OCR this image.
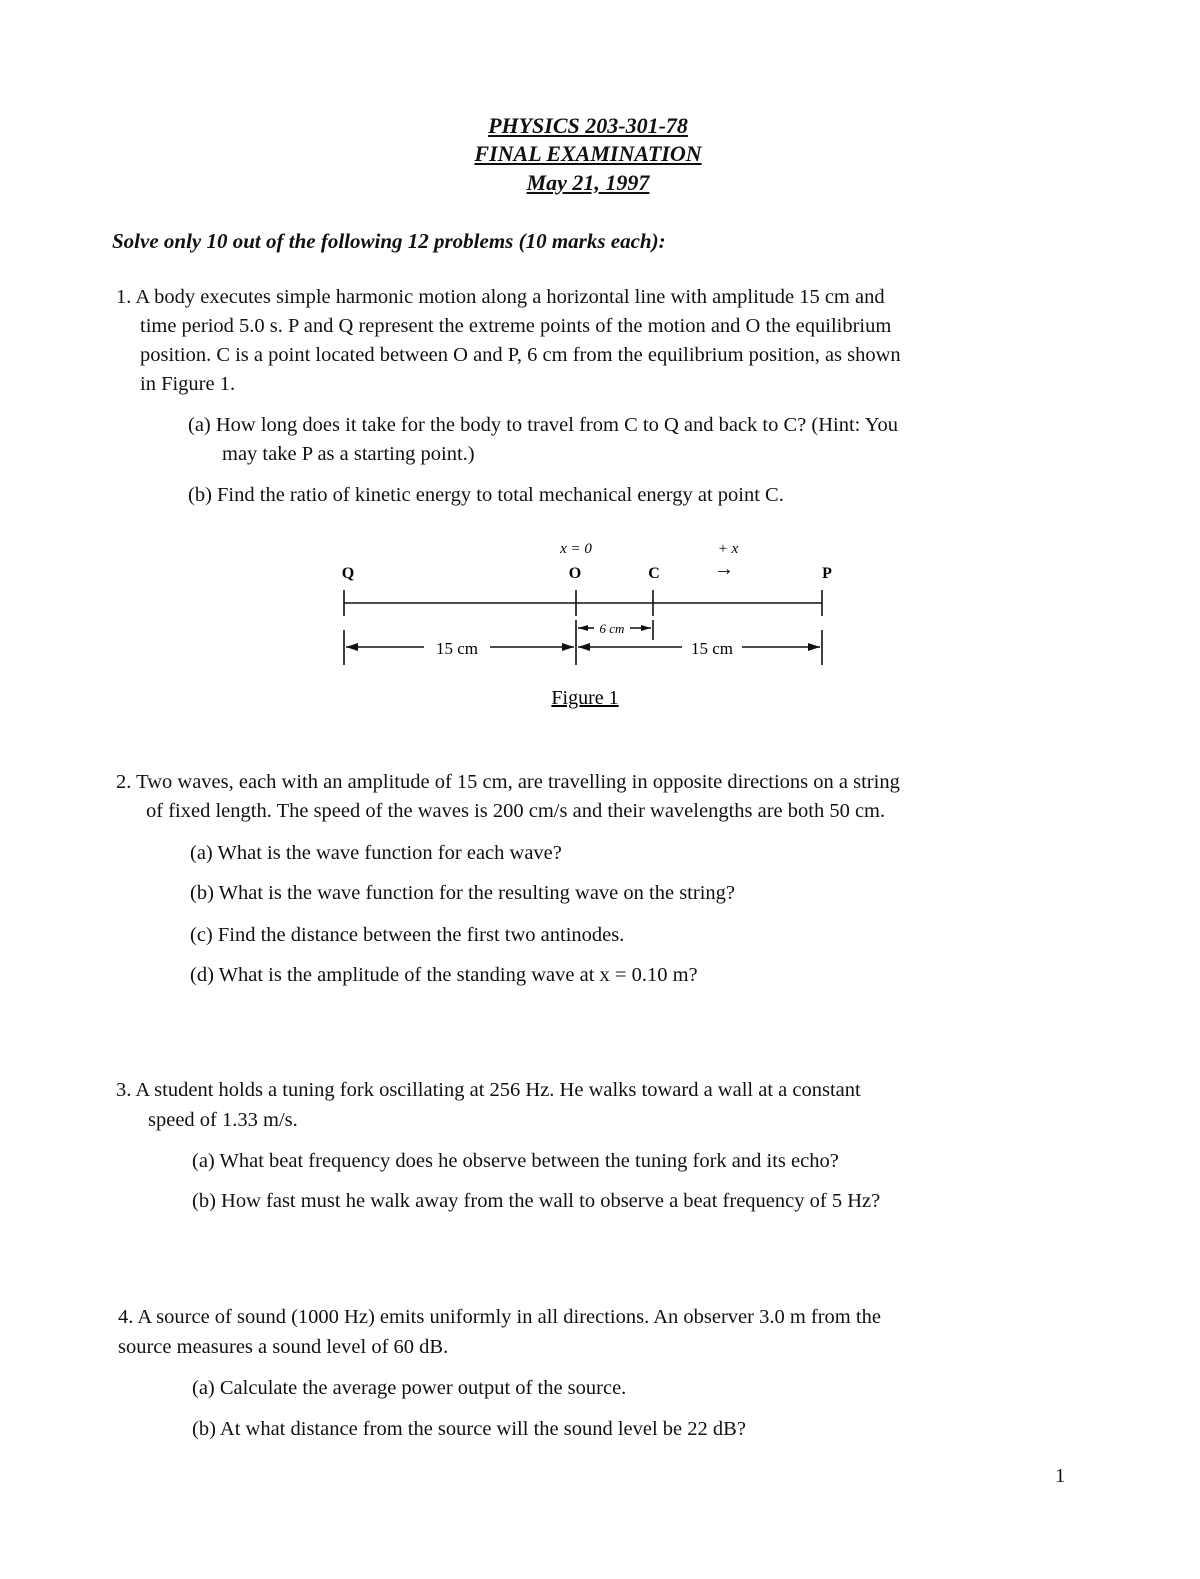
PHYSICS 203-301-78
FINAL EXAMINATION
May 21, 1997
Solve only 10 out of the following 12 problems (10 marks each):
1. A body executes simple harmonic motion along a horizontal line with amplitude 15 cm and
time period 5.0 s. P and Q represent the extreme points of the motion and O the equilibrium
position. C is a point located between O and P, 6 cm from the equilibrium position, as shown
in Figure 1.
(a) How long does it take for the body to travel from C to Q and back to C? (Hint: You
may take P as a starting point.)
(b) Find the ratio of kinetic energy to total mechanical energy at point C.
x = 0	+ x
→
Q	O	C	P
15 cm
6 cm
15 cm
Figure 1
2. Two waves, each with an amplitude of 15 cm, are travelling in opposite directions on a string
of fixed length. The speed of the waves is 200 cm/s and their wavelengths are both 50 cm.
(a) What is the wave function for each wave?
(b) What is the wave function for the resulting wave on the string?
(c) Find the distance between the first two antinodes.
(d) What is the amplitude of the standing wave at x = 0.10 m?
3. A student holds a tuning fork oscillating at 256 Hz. He walks toward a wall at a constant
speed of 1.33 m/s.
(a) What beat frequency does he observe between the tuning fork and its echo?
(b) How fast must he walk away from the wall to observe a beat frequency of 5 Hz?
4. A source of sound (1000 Hz) emits uniformly in all directions. An observer 3.0 m from the
source measures a sound level of 60 dB.
(a) Calculate the average power output of the source.
(b) At what distance from the source will the sound level be 22 dB?
1
